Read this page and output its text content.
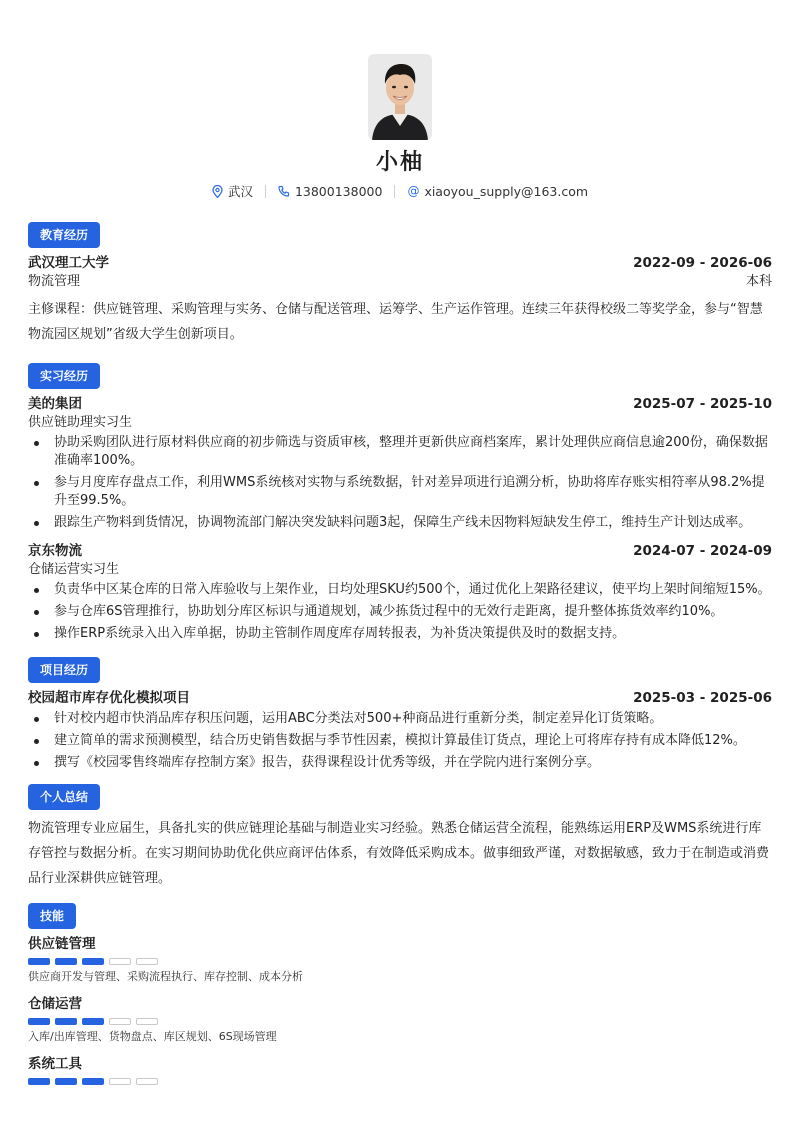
小柚
武汉	13800138000 @ xiaoyou_supply@163.com
教育经历
武汉理工大学	2022-09 - 2026-06
物流管理	本科
主修课程：供应链管理、采购管理与实务、仓储与配送管理、运筹学、生产运作管理。连续三年获得校级二等奖学金，参与“智慧物流园区规划”省级大学生创新项目。
实习经历
美的集团	2025-07 - 2025-10
供应链助理实习生
协助采购团队进行原材料供应商的初步筛选与资质审核，整理并更新供应商档案库，累计处理供应商信息逾200份，确保数据准确率100%。
参与月度库存盘点工作，利用WMS系统核对实物与系统数据，针对差异项进行追溯分析，协助将库存账实相符率从98.2%提升至99.5%。
跟踪生产物料到货情况，协调物流部门解决突发缺料问题3起，保障生产线未因物料短缺发生停工，维持生产计划达成率。
京东物流	2024-07 - 2024-09
仓储运营实习生
负责华中区某仓库的日常入库验收与上架作业，日均处理SKU约500个，通过优化上架路径建议，使平均上架时间缩短15%。
参与仓库6S管理推行，协助划分库区标识与通道规划，减少拣货过程中的无效行走距离，提升整体拣货效率约10%。
操作ERP系统录入出入库单据，协助主管制作周度库存周转报表，为补货决策提供及时的数据支持。
项目经历
校园超市库存优化模拟项目	2025-03 - 2025-06
针对校内超市快消品库存积压问题，运用ABC分类法对500+种商品进行重新分类，制定差异化订货策略。
建立简单的需求预测模型，结合历史销售数据与季节性因素，模拟计算最佳订货点，理论上可将库存持有成本降低12%。
撰写《校园零售终端库存控制方案》报告，获得课程设计优秀等级，并在学院内进行案例分享。
个人总结
物流管理专业应届生，具备扎实的供应链理论基础与制造业实习经验。熟悉仓储运营全流程，能熟练运用ERP及WMS系统进行库存管控与数据分析。在实习期间协助优化供应商评估体系，有效降低采购成本。做事细致严谨，对数据敏感，致力于在制造或消费品行业深耕供应链管理。
技能
供应链管理
供应商开发与管理、采购流程执行、库存控制、成本分析
仓储运营
入库/出库管理、货物盘点、库区规划、6S现场管理
系统工具
